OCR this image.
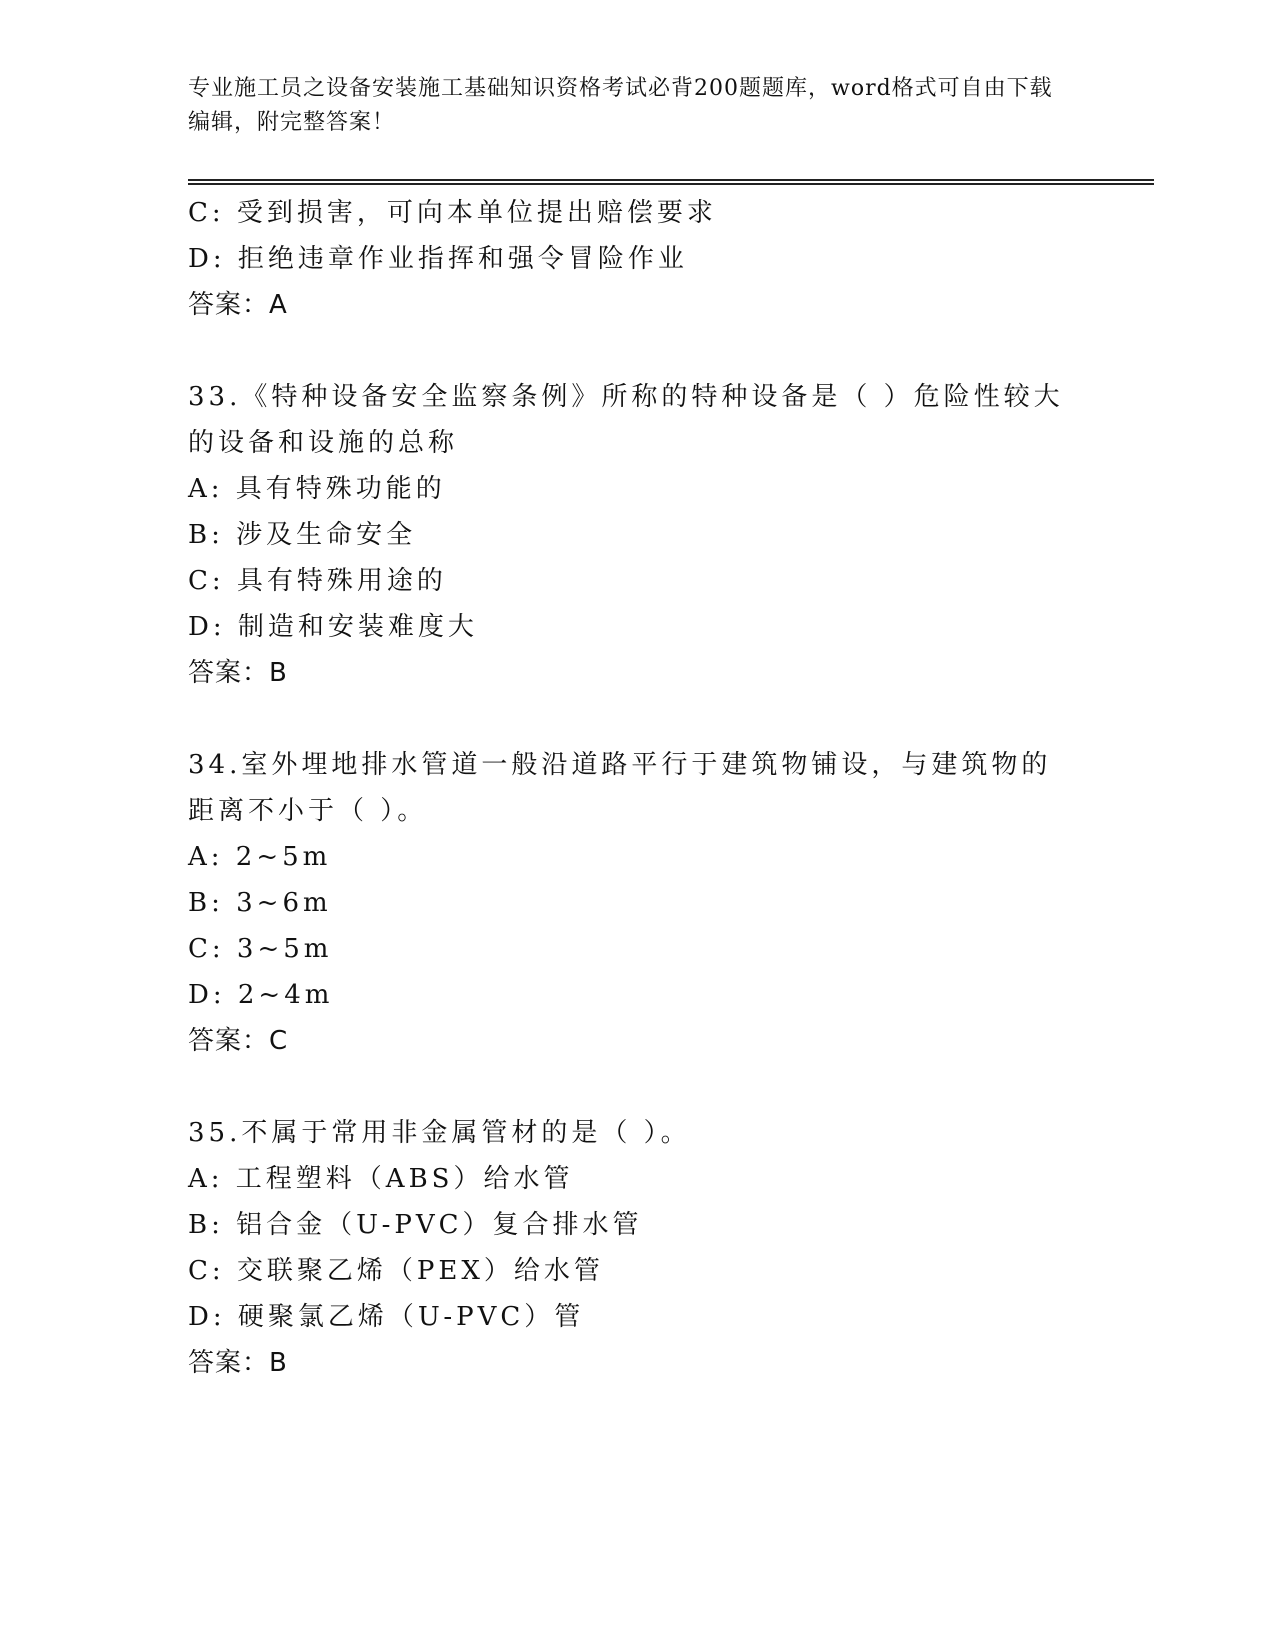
专业施工员之设备安装施工基础知识资格考试必背200题题库，word格式可自由下载编辑，附完整答案！
C: 受到损害，可向本单位提出赔偿要求
D: 拒绝违章作业指挥和强令冒险作业
答案：A
33.《特种设备安全监察条例》所称的特种设备是（ ）危险性较大的设备和设施的总称
A: 具有特殊功能的
B: 涉及生命安全
C: 具有特殊用途的
D: 制造和安装难度大
答案：B
34.室外埋地排水管道一般沿道路平行于建筑物铺设，与建筑物的距离不小于（ ）。
A: 2~5m
B: 3~6m
C: 3~5m
D: 2~4m
答案：C
35.不属于常用非金属管材的是（ ）。
A: 工程塑料（ABS）给水管
B: 铝合金（U-PVC）复合排水管
C: 交联聚乙烯（PEX）给水管
D: 硬聚氯乙烯（U-PVC）管
答案：B
